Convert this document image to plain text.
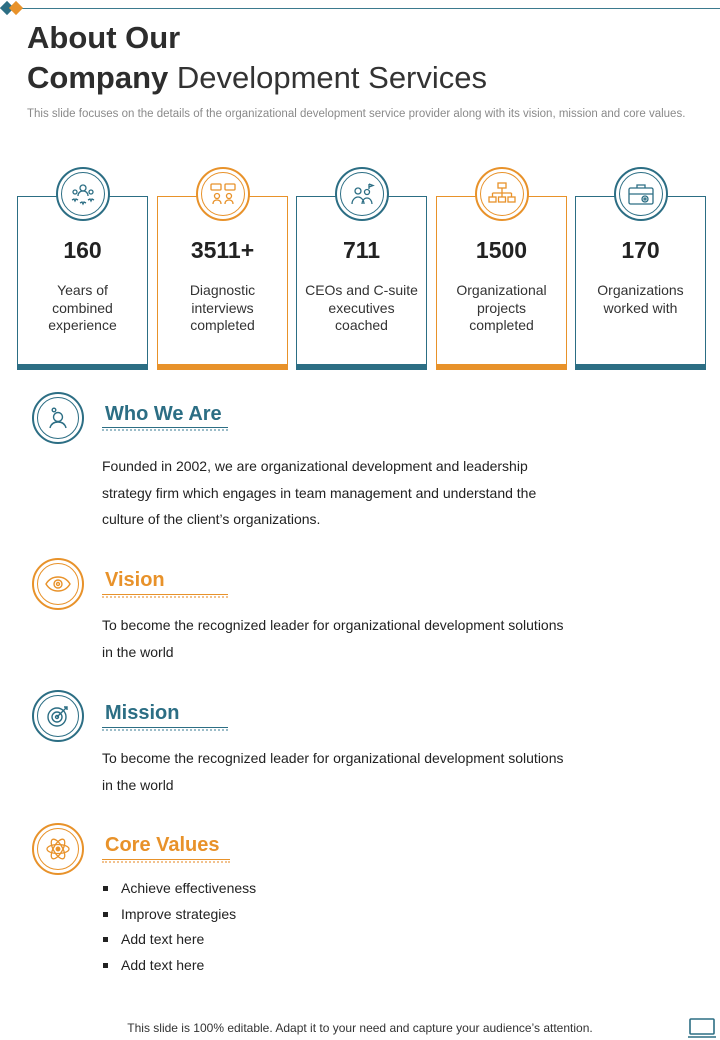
About Our
Company Development Services
This slide focuses on the details of the organizational development service provider along with its vision, mission and core values.
160
Years of combined experience
3511+
Diagnostic interviews completed
711
CEOs and C-suite executives coached
1500
Organizational projects completed
170
Organizations worked with
Who We Are
Founded in 2002, we are organizational development and leadership strategy firm which engages in team management and understand the culture of the client’s organizations.
Vision
To become the recognized leader for organizational development solutions in the world
Mission
To become the recognized leader for organizational development solutions in the world
Core Values
Achieve effectiveness
Improve strategies
Add text here
Add text here
This slide is 100% editable. Adapt it to your need and capture your audience’s attention.
